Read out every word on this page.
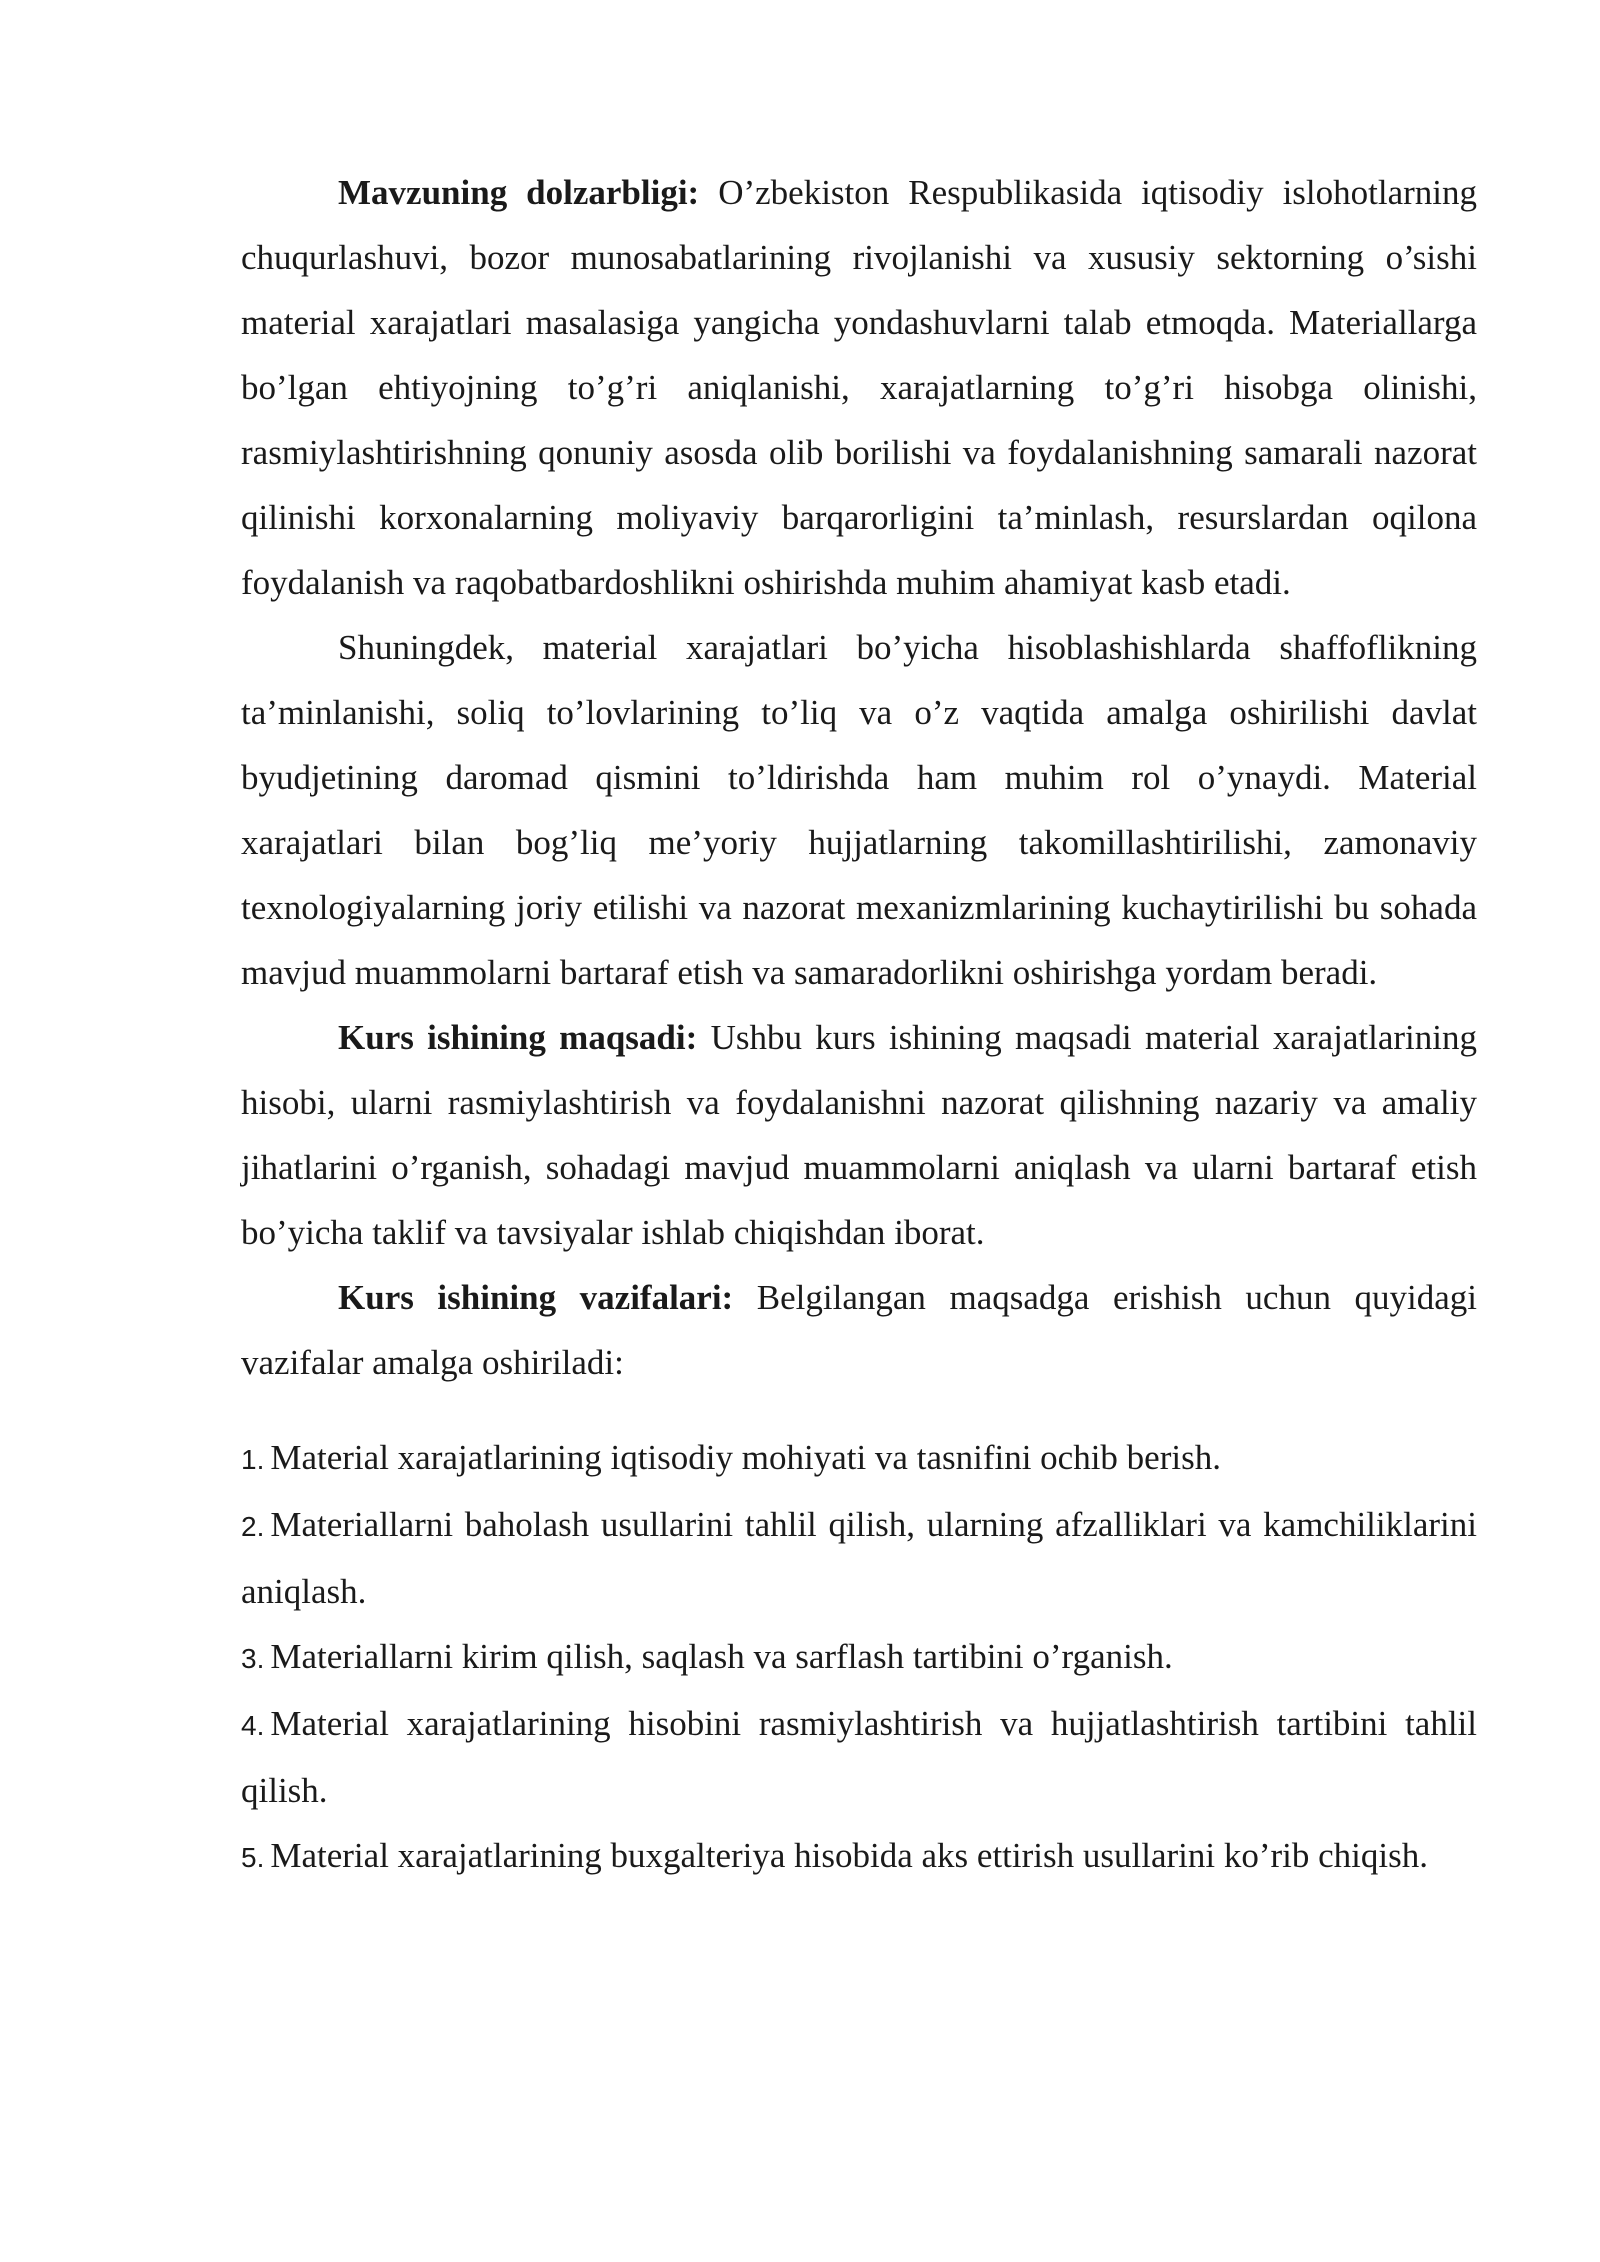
Mavzuning dolzarbligi: O’zbekiston Respublikasida iqtisodiy islohotlarning chuqurlashuvi, bozor munosabatlarining rivojlanishi va xususiy sektorning o’sishi material xarajatlari masalasiga yangicha yondashuvlarni talab etmoqda. Materiallarga bo’lgan ehtiyojning to’g’ri aniqlanishi, xarajatlarning to’g’ri hisobga olinishi, rasmiylashtirishning qonuniy asosda olib borilishi va foydalanishning samarali nazorat qilinishi korxonalarning moliyaviy barqarorligini ta’minlash, resurslardan oqilona foydalanish va raqobatbardoshlikni oshirishda muhim ahamiyat kasb etadi.

Shuningdek, material xarajatlari bo’yicha hisoblashishlarda shaffoflikning ta’minlanishi, soliq to’lovlarining to’liq va o’z vaqtida amalga oshirilishi davlat byudjetining daromad qismini to’ldirishda ham muhim rol o’ynaydi. Material xarajatlari bilan bog’liq me’yoriy hujjatlarning takomillashtirilishi, zamonaviy texnologiyalarning joriy etilishi va nazorat mexanizmlarining kuchaytirilishi bu sohada mavjud muammolarni bartaraf etish va samaradorlikni oshirishga yordam beradi.

Kurs ishining maqsadi: Ushbu kurs ishining maqsadi material xarajatlarining hisobi, ularni rasmiylashtirish va foydalanishni nazorat qilishning nazariy va amaliy jihatlarini o’rganish, sohadagi mavjud muammolarni aniqlash va ularni bartaraf etish bo’yicha taklif va tavsiyalar ishlab chiqishdan iborat.

Kurs ishining vazifalari: Belgilangan maqsadga erishish uchun quyidagi vazifalar amalga oshiriladi:

1. Material xarajatlarining iqtisodiy mohiyati va tasnifini ochib berish.
2. Materiallarni baholash usullarini tahlil qilish, ularning afzalliklari va kamchiliklarini aniqlash.
3. Materiallarni kirim qilish, saqlash va sarflash tartibini o’rganish.
4. Material xarajatlarining hisobini rasmiylashtirish va hujjatlashtirish tartibini tahlil qilish.
5. Material xarajatlarining buxgalteriya hisobida aks ettirish usullarini ko’rib chiqish.
